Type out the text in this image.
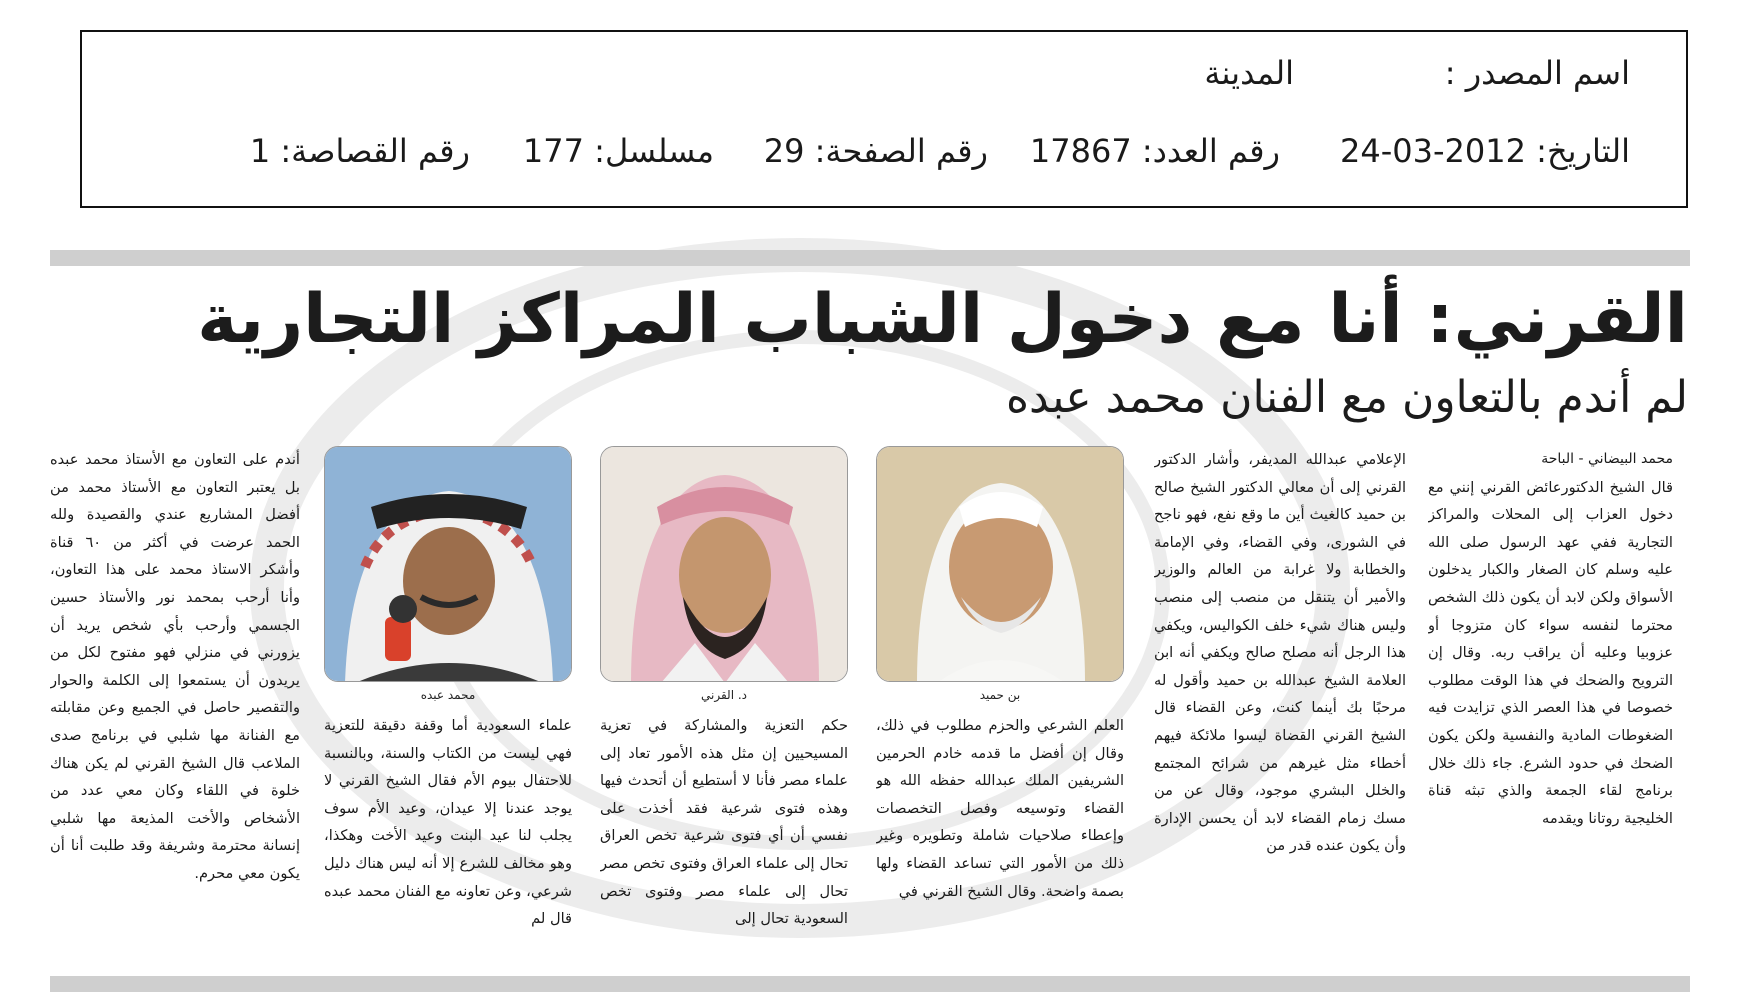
اسم المصدر :
المدينة
التاريخ: 24-03-2012
رقم العدد: 17867
رقم الصفحة: 29
مسلسل: 177
رقم القصاصة: 1
القرني: أنا مع دخول الشباب المراكز التجارية
لم أندم بالتعاون مع الفنان محمد عبده

محمد البيضاني - الباحة

قال الشيخ الدكتورعائض القرني إنني مع دخول العزاب إلى المحلات والمراكز التجارية ففي عهد الرسول صلى الله عليه وسلم كان الصغار والكبار يدخلون الأسواق ولكن لابد أن يكون ذلك الشخص محترما لنفسه سواء كان متزوجا أو عزوبيا وعليه أن يراقب ربه. وقال إن الترويح والضحك في هذا الوقت مطلوب خصوصا في هذا العصر الذي تزايدت فيه الضغوطات المادية والنفسية ولكن يكون الضحك في حدود الشرع. جاء ذلك خلال برنامج لقاء الجمعة والذي تبثه قناة الخليجية روتانا ويقدمه

الإعلامي عبدالله المديفر، وأشار الدكتور القرني إلى أن معالي الدكتور الشيخ صالح بن حميد كالغيث أين ما وقع نفع، فهو ناجح في الشورى، وفي القضاء، وفي الإمامة والخطابة ولا غرابة من العالم والوزير والأمير أن يتنقل من منصب إلى منصب وليس هناك شيء خلف الكواليس، ويكفي هذا الرجل أنه مصلح صالح ويكفي أنه ابن العلامة الشيخ عبدالله بن حميد وأقول له مرحبًا بك أينما كنت، وعن القضاء قال الشيخ القرني القضاة ليسوا ملائكة فيهم أخطاء مثل غيرهم من شرائح المجتمع والخلل البشري موجود، وقال عن من مسك زمام القضاء لابد أن يحسن الإدارة وأن يكون عنده قدر من

بن حميد
د. القرني
محمد عبده

العلم الشرعي والحزم مطلوب في ذلك، وقال إن أفضل ما قدمه خادم الحرمين الشريفين الملك عبدالله حفظه الله هو القضاء وتوسيعه وفصل التخصصات وإعطاء صلاحيات شاملة وتطويره وغير ذلك من الأمور التي تساعد القضاء ولها بصمة واضحة. وقال الشيخ القرني في

حكم التعزية والمشاركة في تعزية المسيحيين إن مثل هذه الأمور تعاد إلى علماء مصر فأنا لا أستطيع أن أتحدث فيها وهذه فتوى شرعية فقد أخذت على نفسي أن أي فتوى شرعية تخص العراق تحال إلى علماء العراق وفتوى تخص مصر تحال إلى علماء مصر وفتوى تخص السعودية تحال إلى

علماء السعودية أما وقفة دقيقة للتعزية فهي ليست من الكتاب والسنة، وبالنسبة للاحتفال بيوم الأم فقال الشيخ القرني لا يوجد عندنا إلا عيدان، وعيد الأم سوف يجلب لنا عيد البنت وعيد الأخت وهكذا، وهو مخالف للشرع إلا أنه ليس هناك دليل شرعي، وعن تعاونه مع الفنان محمد عبده قال لم

أندم على التعاون مع الأستاذ محمد عبده بل يعتبر التعاون مع الأستاذ محمد من أفضل المشاريع عندي والقصيدة ولله الحمد عرضت في أكثر من ٦٠ قناة وأشكر الاستاذ محمد على هذا التعاون، وأنا أرحب بمحمد نور والأستاذ حسين الجسمي وأرحب بأي شخص يريد أن يزورني في منزلي فهو مفتوح لكل من يريدون أن يستمعوا إلى الكلمة والحوار والتقصير حاصل في الجميع وعن مقابلته مع الفنانة مها شلبي في برنامج صدى الملاعب قال الشيخ القرني لم يكن هناك خلوة في اللقاء وكان معي عدد من الأشخاص والأخت المذيعة مها شلبي إنسانة محترمة وشريفة وقد طلبت أنا أن يكون معي محرم.
